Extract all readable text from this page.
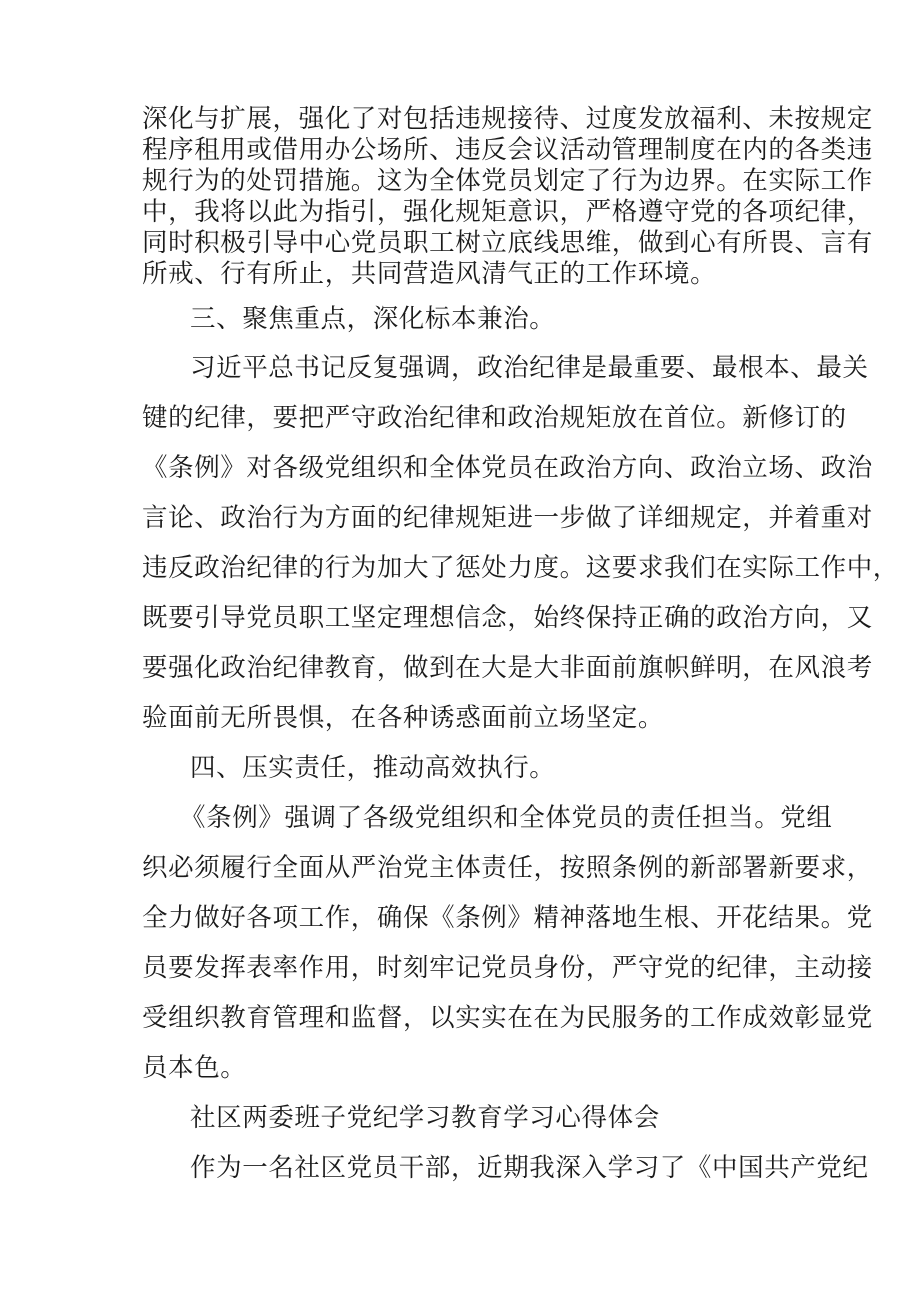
深化与扩展，强化了对包括违规接待、过度发放福利、未按规定
程序租用或借用办公场所、违反会议活动管理制度在内的各类违
规行为的处罚措施。这为全体党员划定了行为边界。在实际工作
中，我将以此为指引，强化规矩意识，严格遵守党的各项纪律，
同时积极引导中心党员职工树立底线思维，做到心有所畏、言有
所戒、行有所止，共同营造风清气正的工作环境。
三、聚焦重点，深化标本兼治。
习近平总书记反复强调，政治纪律是最重要、最根本、最关
键的纪律，要把严守政治纪律和政治规矩放在首位。新修订的
《条例》对各级党组织和全体党员在政治方向、政治立场、政治
言论、政治行为方面的纪律规矩进一步做了详细规定，并着重对
违反政治纪律的行为加大了惩处力度。这要求我们在实际工作中，
既要引导党员职工坚定理想信念，始终保持正确的政治方向，又
要强化政治纪律教育，做到在大是大非面前旗帜鲜明，在风浪考
验面前无所畏惧，在各种诱惑面前立场坚定。
四、压实责任，推动高效执行。
《条例》强调了各级党组织和全体党员的责任担当。党组
织必须履行全面从严治党主体责任，按照条例的新部署新要求，
全力做好各项工作，确保《条例》精神落地生根、开花结果。党
员要发挥表率作用，时刻牢记党员身份，严守党的纪律，主动接
受组织教育管理和监督，以实实在在为民服务的工作成效彰显党
员本色。
社区两委班子党纪学习教育学习心得体会
作为一名社区党员干部，近期我深入学习了《中国共产党纪
